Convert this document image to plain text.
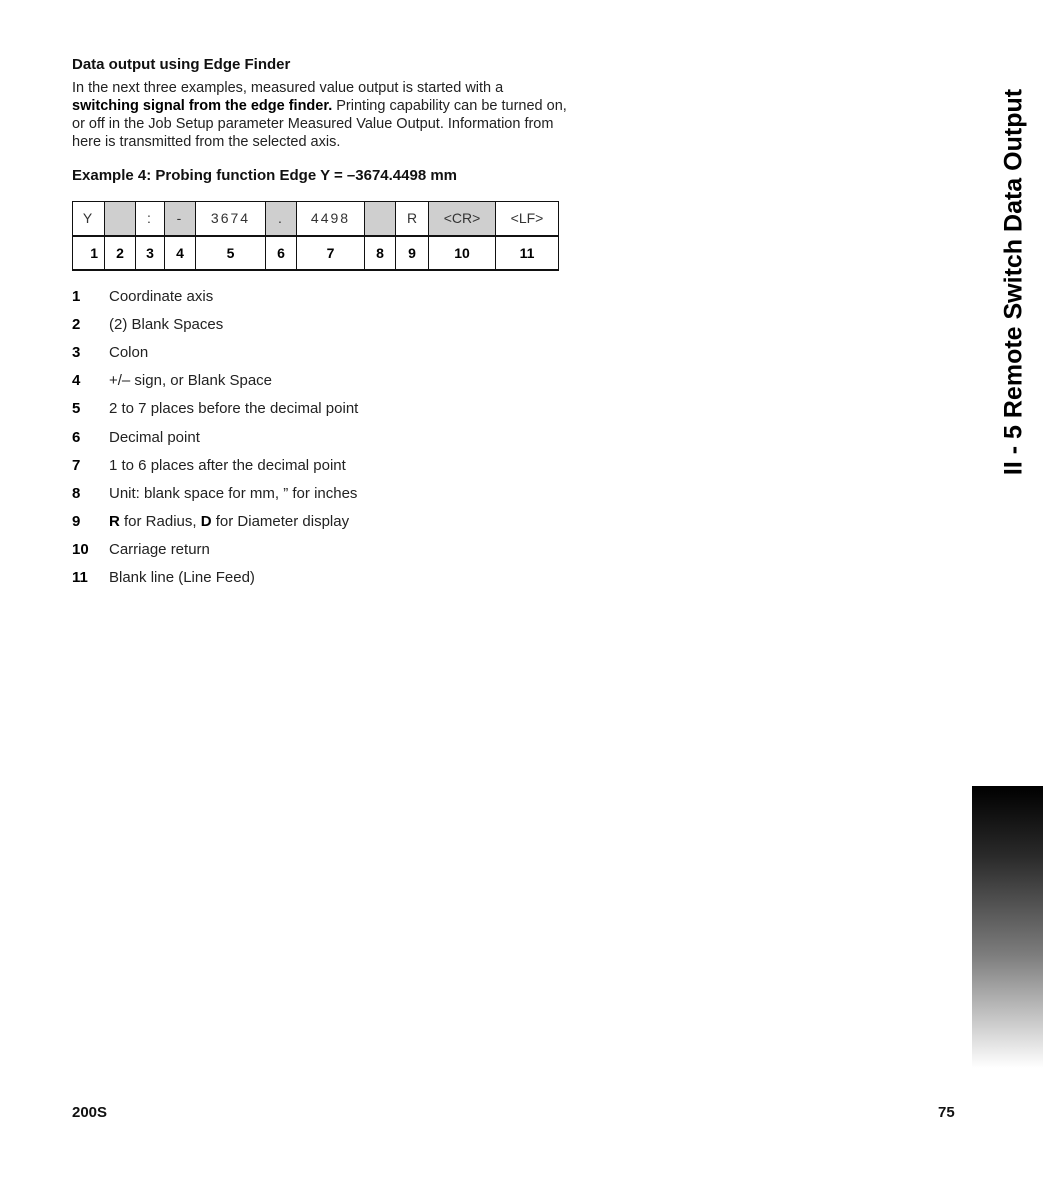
Data output using Edge Finder
In the next three examples, measured value output is started with a switching signal from the edge finder. Printing capability can be turned on, or off in the Job Setup parameter Measured Value Output. Information from here is transmitted from the selected axis.
Example 4: Probing function Edge Y = –3674.4498 mm
Y		:	-	3674	.	4498		R	<CR>	<LF>
1	2	3	4	5	6	7	8	9	10	11
1	Coordinate axis
2	(2) Blank Spaces
3	Colon
4	+/– sign, or Blank Space
5	2 to 7 places before the decimal point
6	Decimal point
7	1 to 6 places after the decimal point
8	Unit: blank space for mm, ” for inches
9	R for Radius, D for Diameter display
10	Carriage return
11	Blank line (Line Feed)
II - 5 Remote Switch Data Output
200S	75
